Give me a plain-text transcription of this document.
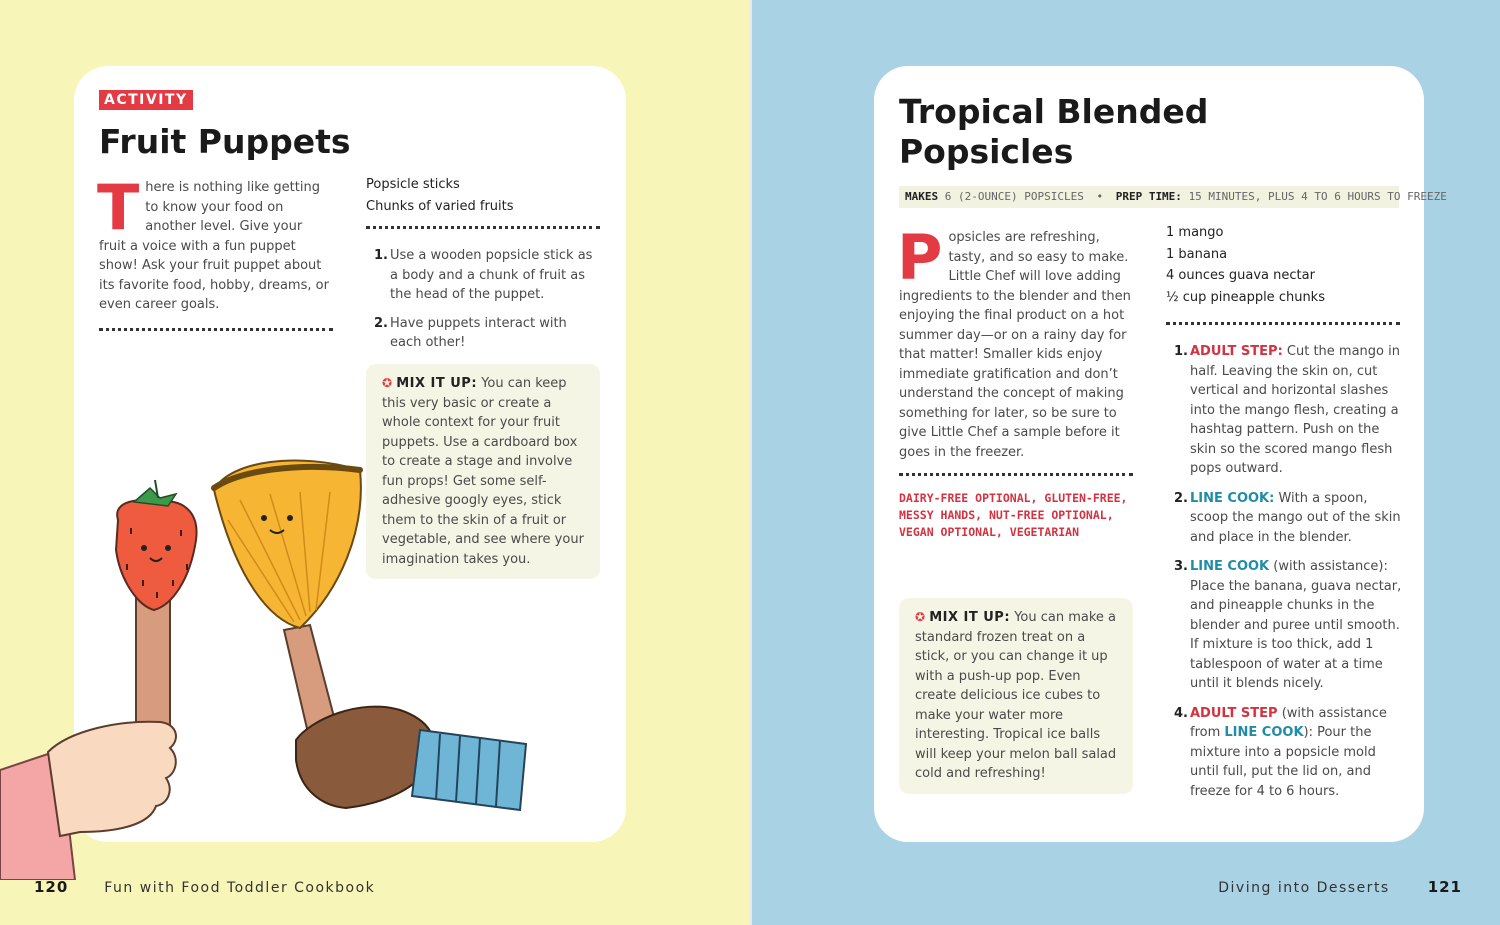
ACTIVITY
Fruit Puppets
There is nothing like getting to know your food on another level. Give your fruit a voice with a fun puppet show! Ask your fruit puppet about its favorite food, hobby, dreams, or even career goals.
Popsicle sticks
Chunks of varied fruits
1. Use a wooden popsicle stick as a body and a chunk of fruit as the head of the puppet.
2. Have puppets interact with each other!
✪ MIX IT UP: You can keep this very basic or create a whole context for your fruit puppets. Use a cardboard box to create a stage and involve fun props! Get some self-adhesive googly eyes, stick them to the skin of a fruit or vegetable, and see where your imagination takes you.
120	Fun with Food Toddler Cookbook
Tropical Blended Popsicles
MAKES 6 (2-OUNCE) POPSICLES • PREP TIME: 15 MINUTES, PLUS 4 TO 6 HOURS TO FREEZE
Popsicles are refreshing, tasty, and so easy to make. Little Chef will love adding ingredients to the blender and then enjoying the final product on a hot summer day—or on a rainy day for that matter! Smaller kids enjoy immediate gratification and don’t understand the concept of making something for later, so be sure to give Little Chef a sample before it goes in the freezer.
DAIRY-FREE OPTIONAL, GLUTEN-FREE, MESSY HANDS, NUT-FREE OPTIONAL, VEGAN OPTIONAL, VEGETARIAN
✪ MIX IT UP: You can make a standard frozen treat on a stick, or you can change it up with a push-up pop. Even create delicious ice cubes to make your water more interesting. Tropical ice balls will keep your melon ball salad cold and refreshing!
1 mango
1 banana
4 ounces guava nectar
½ cup pineapple chunks
1. ADULT STEP: Cut the mango in half. Leaving the skin on, cut vertical and horizontal slashes into the mango flesh, creating a hashtag pattern. Push on the skin so the scored mango flesh pops outward.
2. LINE COOK: With a spoon, scoop the mango out of the skin and place in the blender.
3. LINE COOK (with assistance): Place the banana, guava nectar, and pineapple chunks in the blender and puree until smooth. If mixture is too thick, add 1 tablespoon of water at a time until it blends nicely.
4. ADULT STEP (with assistance from LINE COOK): Pour the mixture into a popsicle mold until full, put the lid on, and freeze for 4 to 6 hours.
Diving into Desserts	121
